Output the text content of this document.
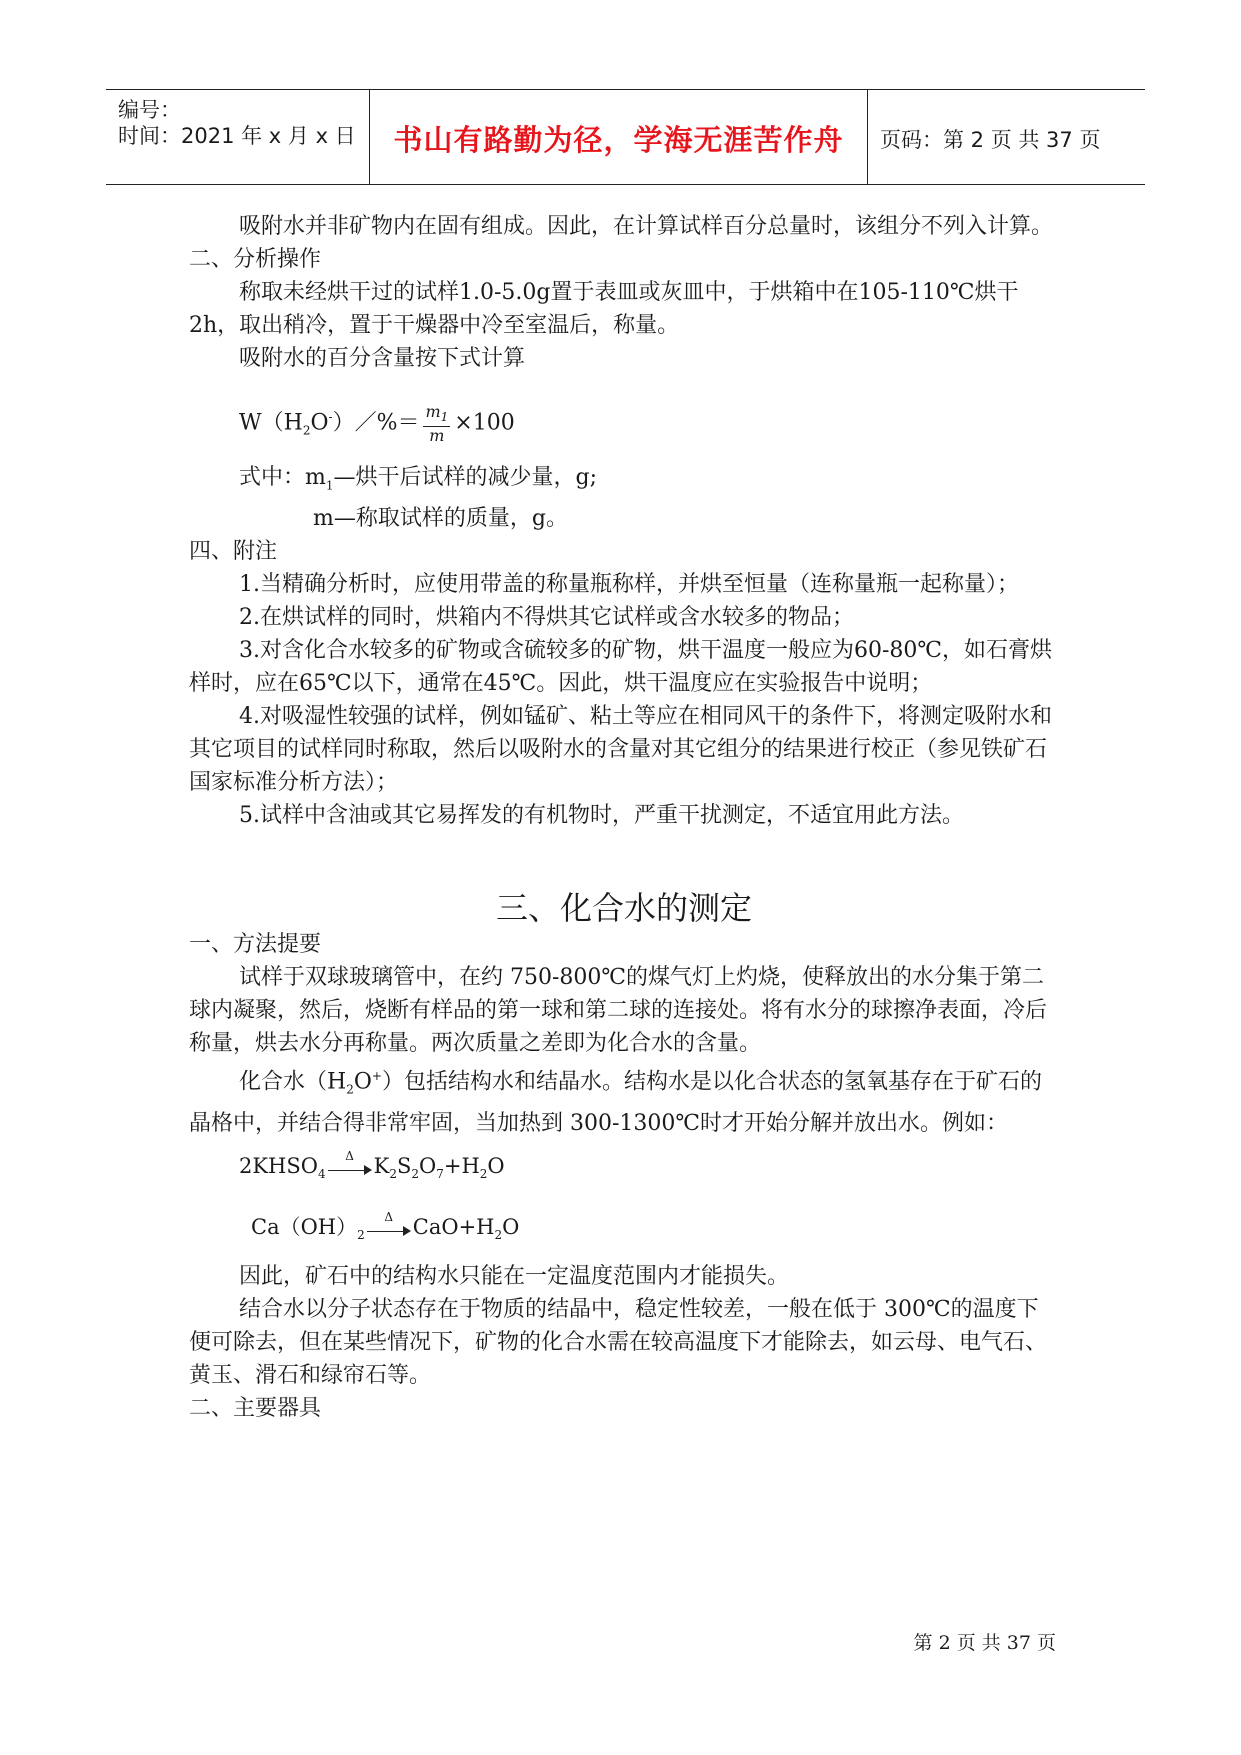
编号：
时间：2021 年 x 月 x 日	书山有路勤为径，学海无涯苦作舟	页码：第 2 页 共 37 页

吸附水并非矿物内在固有组成。因此，在计算试样百分总量时，该组分不列入计算。

二、分析操作

称取未经烘干过的试样1.0-5.0g置于表皿或灰皿中，于烘箱中在105-110℃烘干2h，取出稍冷，置于干燥器中冷至室温后，称量。

吸附水的百分含量按下式计算

$W(H_2O^-)/\%= \frac{m_1}{m} \times 100$

式中：$m_1—$烘干后试样的减少量，g;

m—称取试样的质量，g。

四、附注

1.当精确分析时，应使用带盖的称量瓶称样，并烘至恒量（连称量瓶一起称量）；

2.在烘试样的同时，烘箱内不得烘其它试样或含水较多的物品；

3.对含化合水较多的矿物或含硫较多的矿物，烘干温度一般应为60-80℃，如石膏烘样时，应在65℃以下，通常在45℃。因此，烘干温度应在实验报告中说明；

4.对吸湿性较强的试样，例如锰矿、粘土等应在相同风干的条件下，将测定吸附水和其它项目的试样同时称取，然后以吸附水的含量对其它组分的结果进行校正（参见铁矿石国家标准分析方法）；

5.试样中含油或其它易挥发的有机物时，严重干扰测定，不适宜用此方法。

三、化合水的测定

一、方法提要

试样于双球玻璃管中，在约 750-800℃的煤气灯上灼烧，使释放出的水分集于第二球内凝聚，然后，烧断有样品的第一球和第二球的连接处。将有水分的球擦净表面，冷后称量，烘去水分再称量。两次质量之差即为化合水的含量。

化合水$(H_2O^+)$包括结构水和结晶水。结构水是以化合状态的氢氧基存在于矿石的晶格中，并结合得非常牢固，当加热到 300-1300℃时才开始分解并放出水。例如：

$2KHSO_4$
Δ $K_2S_2O_7+H_2O$

$Ca(OH)_2$
Δ $CaO+H_2O$

因此，矿石中的结构水只能在一定温度范围内才能损失。

结合水以分子状态存在于物质的结晶中，稳定性较差，一般在低于 300℃的温度下便可除去，但在某些情况下，矿物的化合水需在较高温度下才能除去，如云母、电气石、黄玉、滑石和绿帘石等。

二、主要器具

第 2 页 共 37 页
